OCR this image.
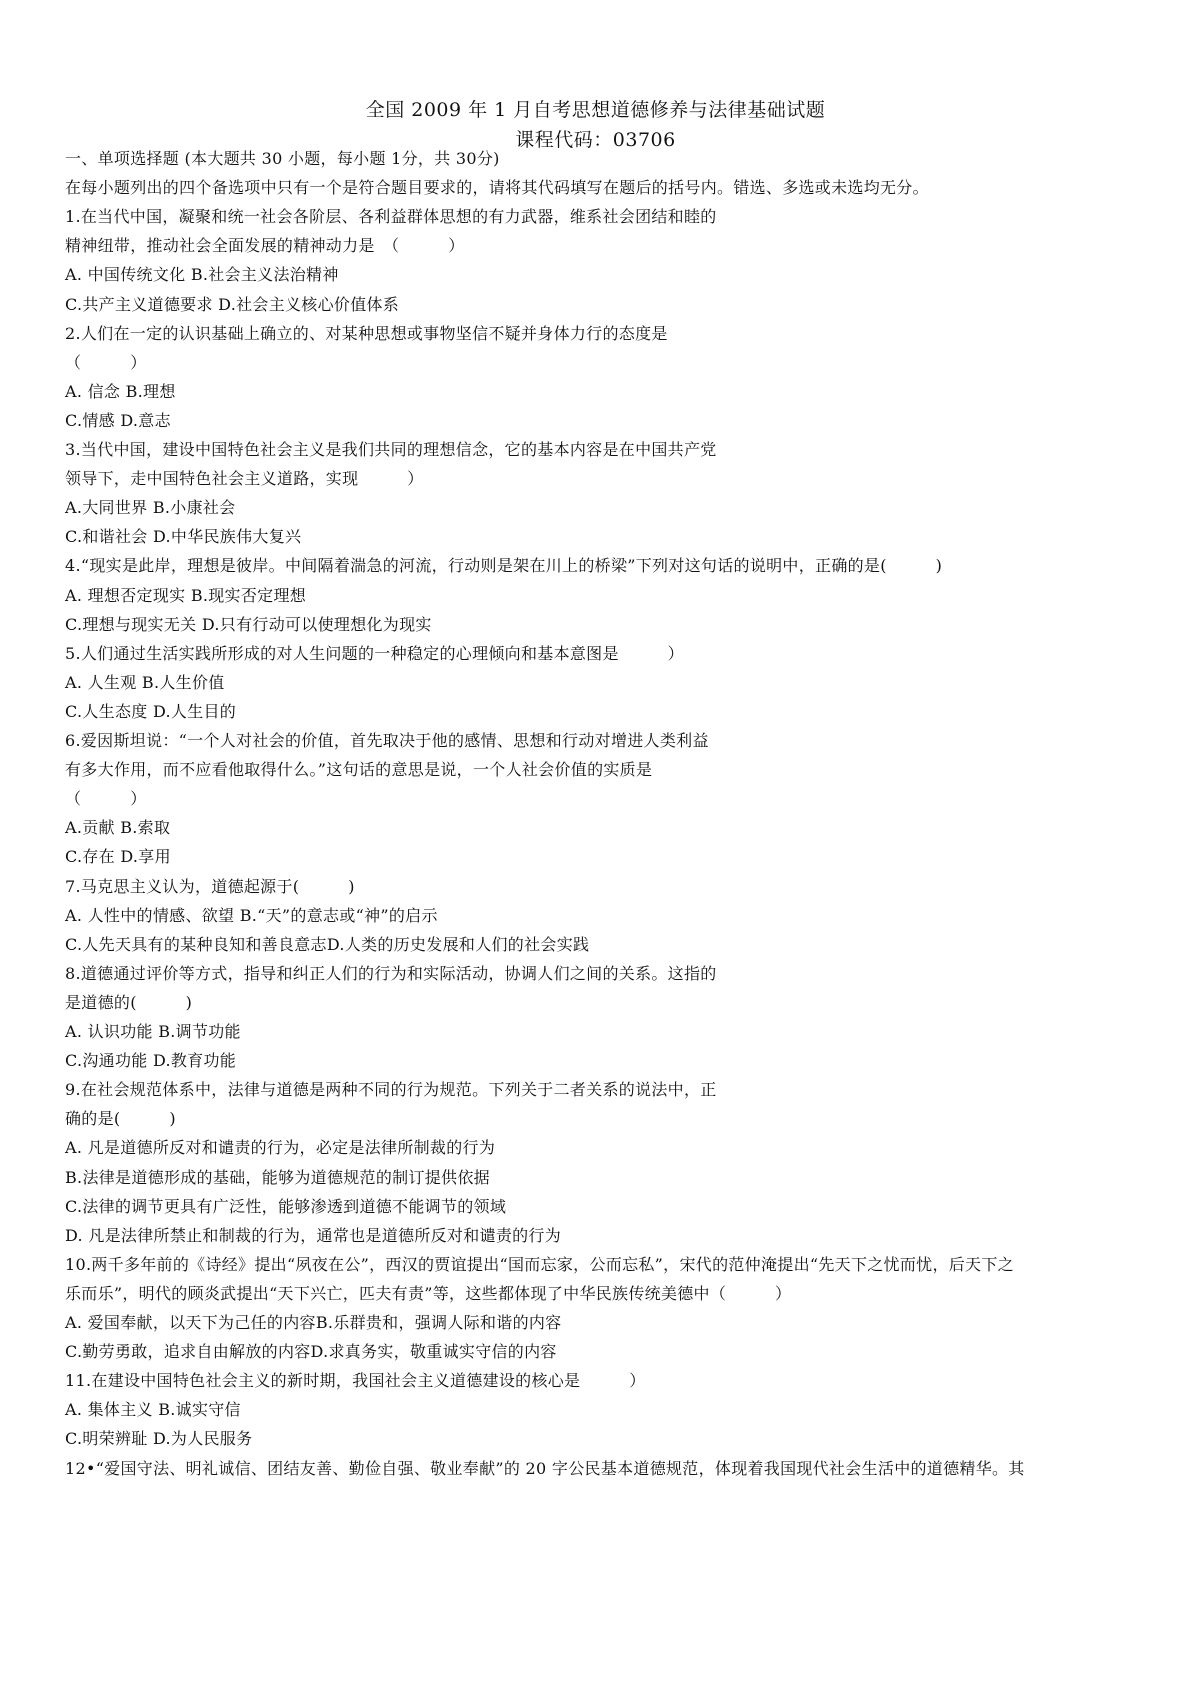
全国 2009 年 1 月自考思想道德修养与法律基础试题
课程代码：03706
一、单项选择题 (本大题共 30 小题，每小题 1分，共 30分)
在每小题列出的四个备选项中只有一个是符合题目要求的，请将其代码填写在题后的括号内。错选、多选或未选均无分。
1.在当代中国，凝聚和统一社会各阶层、各利益群体思想的有力武器，维系社会团结和睦的
精神纽带，推动社会全面发展的精神动力是　（　　　）
A. 中国传统文化 B.社会主义法治精神
C.共产主义道德要求 D.社会主义核心价值体系
2.人们在一定的认识基础上确立的、对某种思想或事物坚信不疑并身体力行的态度是
（　　　）
A. 信念 B.理想
C.情感 D.意志
3.当代中国，建设中国特色社会主义是我们共同的理想信念，它的基本内容是在中国共产党
领导下，走中国特色社会主义道路，实现　　　）
A.大同世界 B.小康社会
C.和谐社会 D.中华民族伟大复兴
4.“现实是此岸，理想是彼岸。中间隔着湍急的河流，行动则是架在川上的桥梁”下列对这句话的说明中，正确的是(　　　)
A. 理想否定现实 B.现实否定理想
C.理想与现实无关 D.只有行动可以使理想化为现实
5.人们通过生活实践所形成的对人生问题的一种稳定的心理倾向和基本意图是　　　）
A. 人生观 B.人生价值
C.人生态度 D.人生目的
6.爱因斯坦说：“一个人对社会的价值，首先取决于他的感情、思想和行动对增进人类利益
有多大作用，而不应看他取得什么。”这句话的意思是说，一个人社会价值的实质是
（　　　）
A.贡献 B.索取
C.存在 D.享用
7.马克思主义认为，道德起源于(　　　)
A. 人性中的情感、欲望 B.“天”的意志或“神”的启示
C.人先天具有的某种良知和善良意志D.人类的历史发展和人们的社会实践
8.道德通过评价等方式，指导和纠正人们的行为和实际活动，协调人们之间的关系。这指的
是道德的(　　　)
A. 认识功能 B.调节功能
C.沟通功能 D.教育功能
9.在社会规范体系中，法律与道德是两种不同的行为规范。下列关于二者关系的说法中，正
确的是(　　　)
A. 凡是道德所反对和谴责的行为，必定是法律所制裁的行为
B.法律是道德形成的基础，能够为道德规范的制订提供依据
C.法律的调节更具有广泛性，能够渗透到道德不能调节的领域
D. 凡是法律所禁止和制裁的行为，通常也是道德所反对和谴责的行为
10.两千多年前的《诗经》提出“夙夜在公”，西汉的贾谊提出“国而忘家，公而忘私”，宋代的范仲淹提出“先天下之忧而忧，后天下之
乐而乐”，明代的顾炎武提出“天下兴亡，匹夫有责”等，这些都体现了中华民族传统美德中（　　　）
A. 爱国奉献，以天下为己任的内容B.乐群贵和，强调人际和谐的内容
C.勤劳勇敢，追求自由解放的内容D.求真务实，敬重诚实守信的内容
11.在建设中国特色社会主义的新时期，我国社会主义道德建设的核心是　　　）
A. 集体主义 B.诚实守信
C.明荣辨耻 D.为人民服务
12•“爱国守法、明礼诚信、团结友善、勤俭自强、敬业奉献”的 20 字公民基本道德规范，体现着我国现代社会生活中的道德精华。其
